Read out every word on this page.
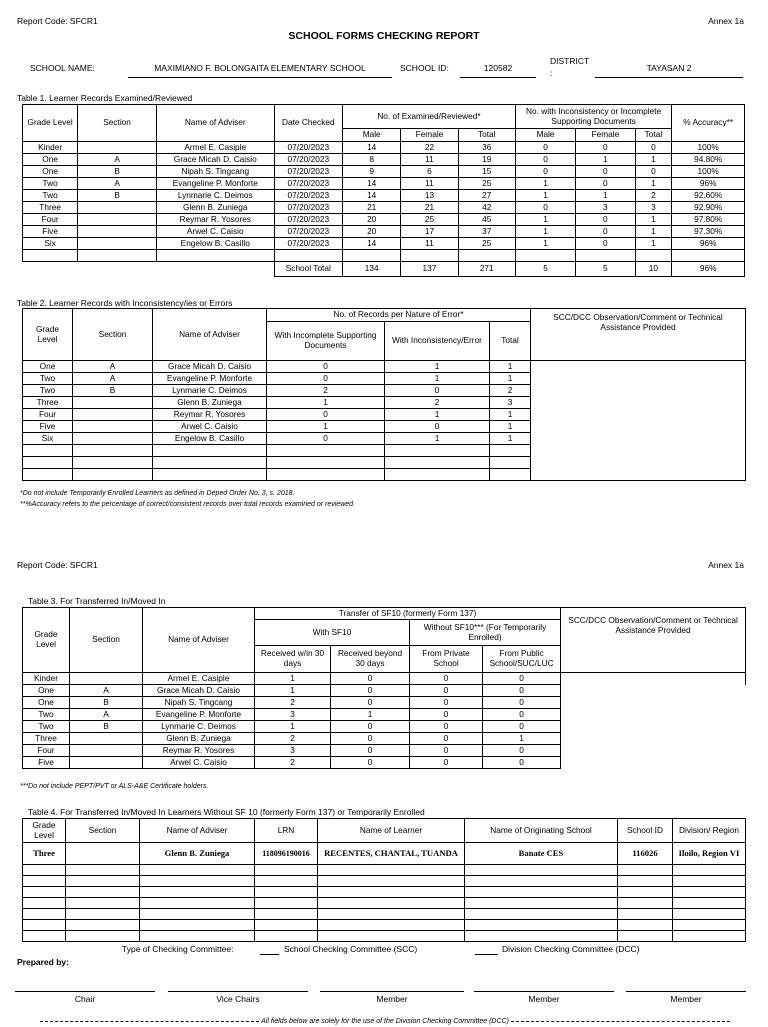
Report Code: SFCR1	Annex 1a
SCHOOL FORMS CHECKING REPORT
SCHOOL NAME:	MAXIMIANO F. BOLONGAITA ELEMENTARY SCHOOL	SCHOOL ID:	120582
DISTRICT
:	TAYASAN 2
Table 1. Learner Records Examined/Reviewed
Grade Level	Section	Name of Adviser	Date Checked	No. of Examined/Reviewed*			No. with Inconsistency or Incomplete Supporting Documents			% Accuracy**
				Male	Female	Total	Male	Female	Total	
Kinder		Armel E. Casiple	07/20/2023	14	22	36	0	0	0	100%
One	A	Grace Micah D. Caisio	07/20/2023	8	11	19	0	1	1	94.80%
One	B	Nipah S. Tingcang	07/20/2023	9	6	15	0	0	0	100%
Two	A	Evangeline P. Monforte	07/20/2023	14	11	25	1	0	1	96%
Two	B	Lynmarie C. Deimos	07/20/2023	14	13	27	1	1	2	92.60%
Three		Glenn B. Zuniega	07/20/2023	21	21	42	0	3	3	92.90%
Four		Reymar R. Yosores	07/20/2023	20	25	45	1	0	1	97.80%
Five		Arwel C. Caisio	07/20/2023	20	17	37	1	0	1	97.30%
Six		Engelow B. Casillo	07/20/2023	14	11	25	1	0	1	96%

			School Total	134	137	271	5	5	10	96%
Table 2. Learner Records with Inconsistency/ies or Errors
Grade Level	Section	Name of Adviser	No. of Records per Nature of Error*			SCC/DCC Observation/Comment or Technical Assistance Provided
			With Incomplete Supporting Documents	With Inconsistency/Error	Total	
One	A	Grace Micah D. Caisio	0	1	1	
Two	A	Evangeline P. Monforte	0	1	1	
Two	B	Lynmarie C. Deimos	2	0	2	
Three		Glenn B. Zuniega	1	2	3	
Four		Reymar R. Yosores	0	1	1	
Five		Arwel C. Caisio	1	0	1	
Six		Engelow B. Casillo	0	1	1	

*Do not include Temporarily Enrolled Learners as defined in Deped Order No. 3, s. 2018.
**%Accuracy refers to the percentage of correct/consistent records over total records examined or reviewed.
Report Code: SFCR1	Annex 1a
Table 3. For Transferred In/Moved In
Grade Level	Section	Name of Adviser	Transfer of SF10 (formerly Form 137)				SCC/DCC Observation/Comment or Technical Assistance Provided
			With SF10		Without SF10*** (For Temporarily Enrolled)		
			Received w/in 30 days	Received beyond 30 days	From Private School	From Public School/SUC/LUC	
Kinder		Armel E. Casiple	1	0	0	0	
One	A	Grace Micah D. Caisio	1	0	0	0	
One	B	Nipah S. Tingcang	2	0	0	0	
Two	A	Evangeline P. Monforte	3	1	0	0	
Two	B	Lynmarie C. Deimos	1	0	0	0	
Three		Glenn B. Zuniega	2	0	0	1	
Four		Reymar R. Yosores	3	0	0	0	
Five		Arwel C. Caisio	2	0	0	0	
***Do not include PEPT/PVT or ALS-A&E Certificate holders.
Table 4. For Transferred In/Moved In Learners Without SF 10 (formerly Form 137) or Temporarily Enrolled
Grade Level	Section	Name of Adviser	LRN	Name of Learner	Name of Originating School	School ID	Division/ Region
Three		Glenn B. Zuniega	118096190016	RECENTES, CHANTAL, TUANDA	Banate CES	116026	Iloilo, Region VI

Type of Checking Committee:	School Checking Committee (SCC)	Division Checking Committee (DCC)
Prepared by:
Chair	Vice Chairs	Member	Member	Member
All fields below are solely for the use of the Division Checking Committee (DCC)
